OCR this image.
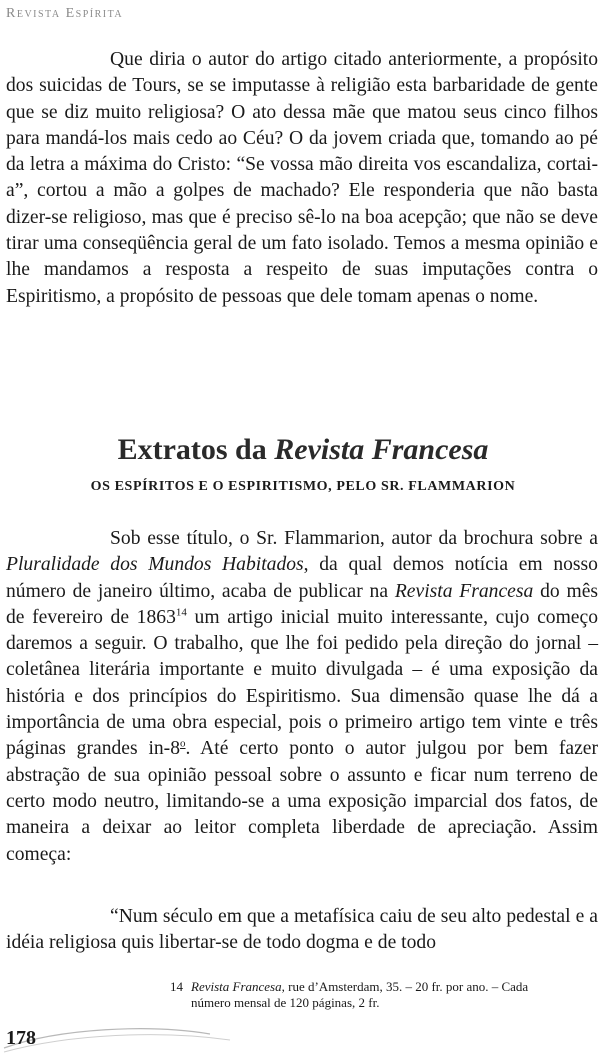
Revista Espírita

Que diria o autor do artigo citado anteriormente, a propósito dos suicidas de Tours, se se imputasse à religião esta barbaridade de gente que se diz muito religiosa? O ato dessa mãe que matou seus cinco filhos para mandá-los mais cedo ao Céu? O da jovem criada que, tomando ao pé da letra a máxima do Cristo: “Se vossa mão direita vos escandaliza, cortai-a”, cortou a mão a golpes de machado? Ele responderia que não basta dizer-se religioso, mas que é preciso sê-lo na boa acepção; que não se deve tirar uma conseqüência geral de um fato isolado. Temos a mesma opinião e lhe mandamos a resposta a respeito de suas imputações contra o Espiritismo, a propósito de pessoas que dele tomam apenas o nome.

Extratos da Revista Francesa
OS ESPÍRITOS E O ESPIRITISMO, PELO SR. FLAMMARION

Sob esse título, o Sr. Flammarion, autor da brochura sobre a Pluralidade dos Mundos Habitados, da qual demos notícia em nosso número de janeiro último, acaba de publicar na Revista Francesa do mês de fevereiro de 1863$^{14}$ um artigo inicial muito interessante, cujo começo daremos a seguir. O trabalho, que lhe foi pedido pela direção do jornal – coletânea literária importante e muito divulgada – é uma exposição da história e dos princípios do Espiritismo. Sua dimensão quase lhe dá a importância de uma obra especial, pois o primeiro artigo tem vinte e três páginas grandes in-8$^o$. Até certo ponto o autor julgou por bem fazer abstração de sua opinião pessoal sobre o assunto e ficar num terreno de certo modo neutro, limitando-se a uma exposição imparcial dos fatos, de maneira a deixar ao leitor completa liberdade de apreciação. Assim começa:

“Num século em que a metafísica caiu de seu alto pedestal e a idéia religiosa quis libertar-se de todo dogma e de todo

14 Revista Francesa, rue d’Amsterdam, 35. – 20 fr. por ano. – Cada
número mensal de 120 páginas, 2 fr.
178
